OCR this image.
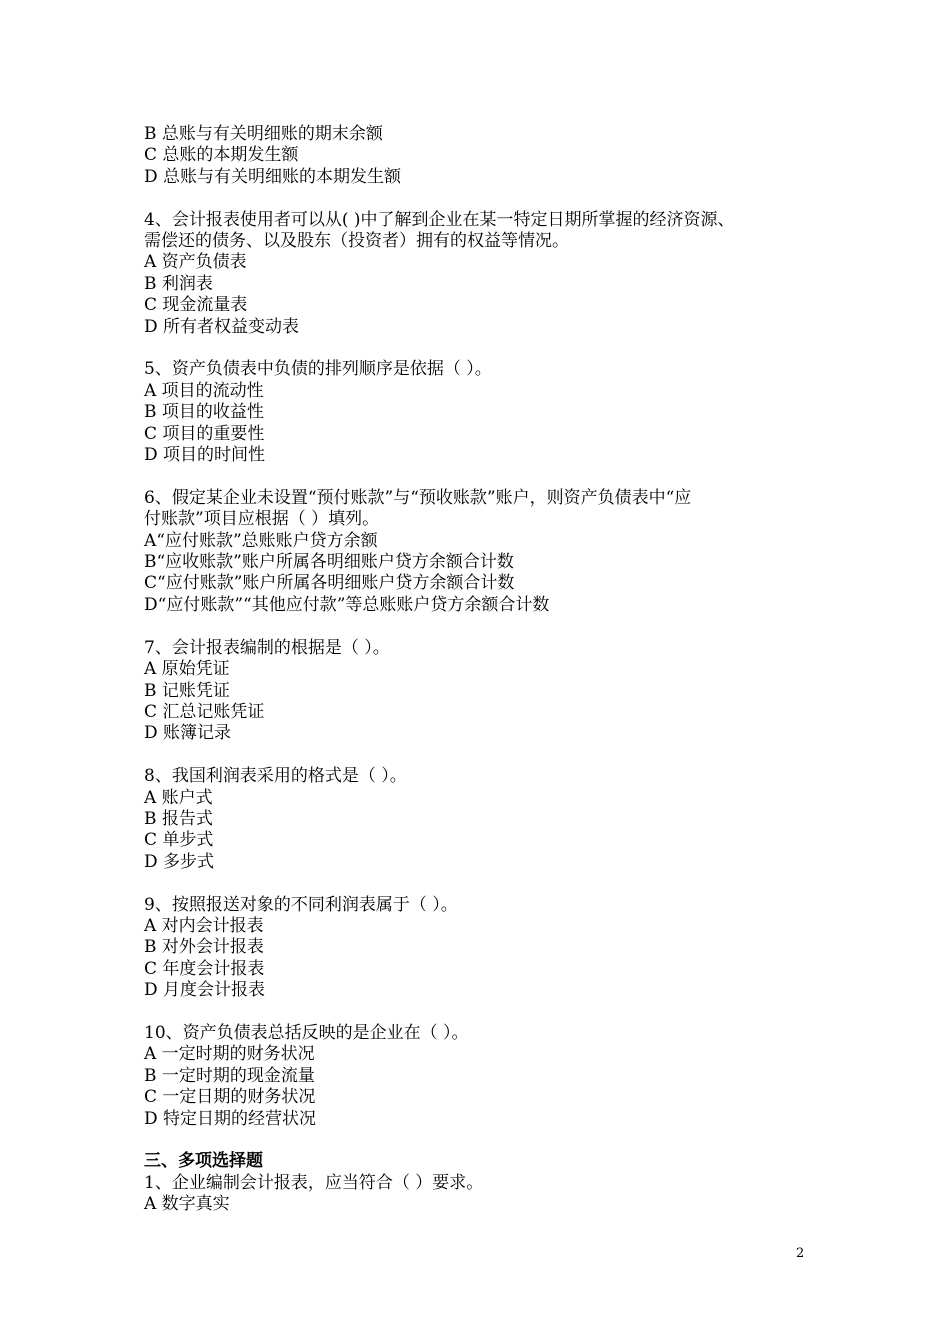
B 总账与有关明细账的期末余额
C 总账的本期发生额
D 总账与有关明细账的本期发生额
4、会计报表使用者可以从( )中了解到企业在某一特定日期所掌握的经济资源、
需偿还的债务、以及股东（投资者）拥有的权益等情况。
A 资产负债表
B 利润表
C 现金流量表
D 所有者权益变动表
5、资产负债表中负债的排列顺序是依据（ ）。
A 项目的流动性
B 项目的收益性
C 项目的重要性
D 项目的时间性
6、假定某企业未设置“预付账款”与“预收账款”账户，则资产负债表中“应
付账款”项目应根据（ ）填列。
A“应付账款”总账账户贷方余额
B“应收账款”账户所属各明细账户贷方余额合计数
C“应付账款”账户所属各明细账户贷方余额合计数
D“应付账款”“其他应付款”等总账账户贷方余额合计数
7、会计报表编制的根据是（ ）。
A 原始凭证
B 记账凭证
C 汇总记账凭证
D 账簿记录
8、我国利润表采用的格式是（ ）。
A 账户式
B 报告式
C 单步式
D 多步式
9、按照报送对象的不同利润表属于（ ）。
A 对内会计报表
B 对外会计报表
C 年度会计报表
D 月度会计报表
10、资产负债表总括反映的是企业在（ ）。
A 一定时期的财务状况
B 一定时期的现金流量
C 一定日期的财务状况
D 特定日期的经营状况
三、多项选择题
1、企业编制会计报表，应当符合（ ）要求。
A 数字真实
2
